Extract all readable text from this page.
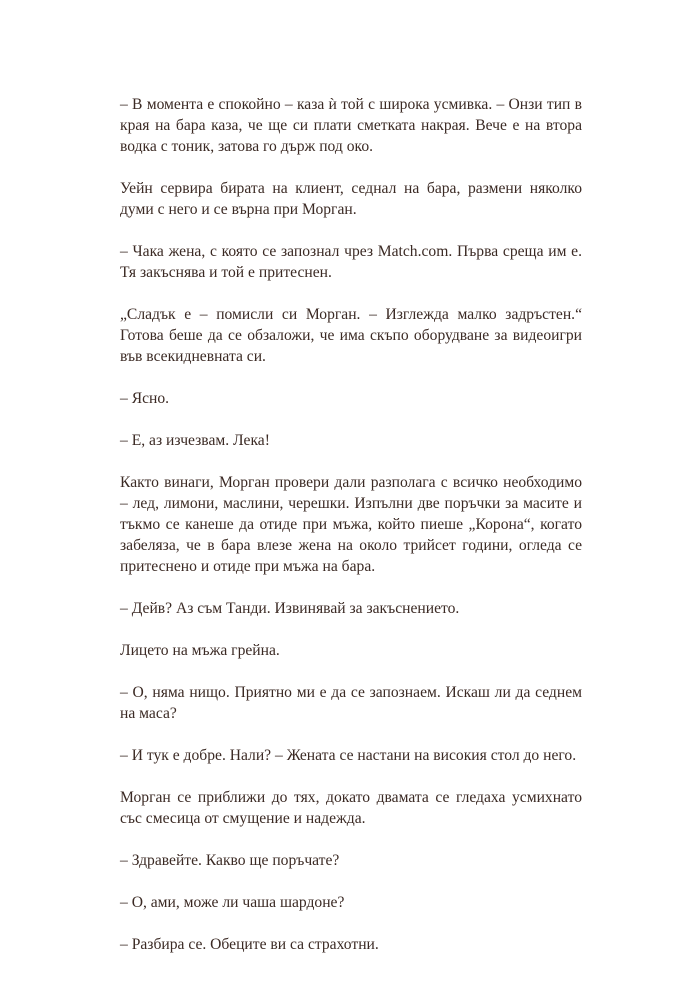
– В момента е спокойно – каза ѝ той с широка усмивка. – Онзи тип в края на бара каза, че ще си плати сметката накрая. Вече е на втора водка с тоник, затова го държ под око.

Уейн сервира бирата на клиент, седнал на бара, размени няколко думи с него и се върна при Морган.

– Чака жена, с която се запознал чрез Match.com. Първа среща им е. Тя закъснява и той е притеснен.

„Сладък е – помисли си Морган. – Изглежда малко задръстен.“ Готова беше да се обзаложи, че има скъпо оборудване за видеоигри във всекидневната си.

– Ясно.

– Е, аз изчезвам. Лека!

Както винаги, Морган провери дали разполага с всичко необходимо – лед, лимони, маслини, черешки. Изпълни две поръчки за масите и тъкмо се канеше да отиде при мъжа, който пиеше „Корона“, когато забеляза, че в бара влезе жена на около трийсет години, огледа се притеснено и отиде при мъжа на бара.

– Дейв? Аз съм Танди. Извинявай за закъснението.

Лицето на мъжа грейна.

– О, няма нищо. Приятно ми е да се запознаем. Искаш ли да седнем на маса?

– И тук е добре. Нали? – Жената се настани на високия стол до него.

Морган се приближи до тях, докато двамата се гледаха усмихнато със смесица от смущение и надежда.

– Здравейте. Какво ще поръчате?

– О, ами, може ли чаша шардоне?

– Разбира се. Обеците ви са страхотни.
